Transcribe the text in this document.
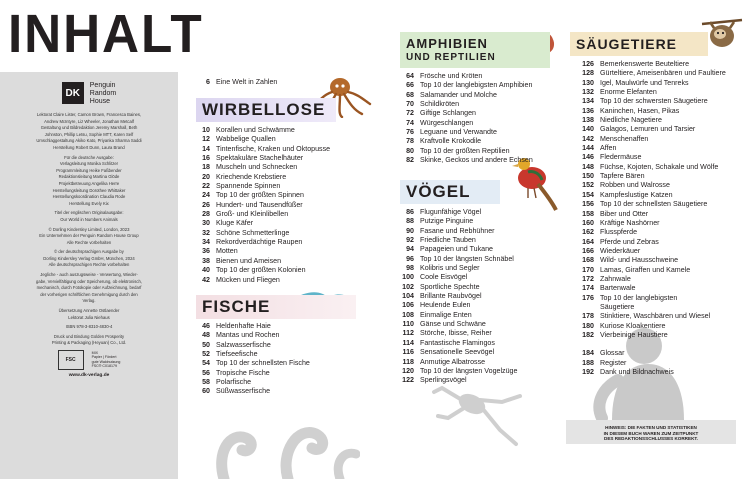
INHALT
DK
Penguin
Random
House

Lektorat Claire Lister, Camon Brown, Francesca Baines,

Andrew McIntyre, Liz Wheeler, Jonathan Metcalf

Gestaltung und Bildredaktion Jeremy Marshall, Beth

Johnston, Phillip Letsu, Sophie MTT, Karen Self

Umschlaggestaltung Akiko Kato, Priyanka Sharma Saddi

Herstellung Robert Dunn, Laura Brand

Für die deutsche Ausgabe:

Verlagsleitung Monika Schlitzer

Programmleitung Heike Faßbender

Redaktionsleitung Martina Glöde

Projektbetreuung Angelika Herre

Herstellungsleitung Dorothee Whittaker

Herstellungskoordination Claudia Rode

Herstellung Evely Kix

Titel der englischen Originalausgabe:

Our World in Numbers Animals

© Dorling Kindersley Limited, London, 2023

Ein Unternehmen der Penguin Random House Group

Alle Rechte vorbehalten

© der deutschsprachigen Ausgabe by

Dorling Kindersley Verlag GmbH, München, 2024

Alle deutschsprachigen Rechte vorbehalten

Jegliche - auch auszugsweise - Verwertung, Wieder-

gabe, Vervielfältigung oder Speicherung, ob elektronisch,

mechanisch, durch Fotokopie oder Aufzeichnung, bedarf

der vorherigen schriftlichen Genehmigung durch den

Verlag.

Übersetzung Annette Ostlaender

Lektorat Julia Niehaus

ISBN 978-3-8310-4830-4

Druck und Bindung Golden Prosperity

Printing & Packaging (Heyuan) Co., Ltd.

FSC
MIX
Papier | Fördert
gute Waldnutzung
FSC® C018179
www.dk-verlag.de
6 Eine Welt in Zahlen
WIRBELLOSE
10 Korallen und Schwämme
12 Wabbelige Quallen
14 Tintenfische, Kraken und Oktopusse
16 Spektakuläre Stachelhäuter
18 Muscheln und Schnecken
20 Kriechende Krebstiere
22 Spannende Spinnen
24 Top 10 der größten Spinnen
26 Hundert- und Tausendfüßer
28 Groß- und Kleinlibellen
30 Kluge Käfer
32 Schöne Schmetterlinge
34 Rekordverdächtige Raupen
36 Motten
38 Bienen und Ameisen
40 Top 10 der größten Kolonien
42 Mücken und Fliegen
FISCHE
46 Heldenhafte Haie
48 Mantas und Rochen
50 Salzwasserfische
52 Tiefseefische
54 Top 10 der schnellsten Fische
56 Tropische Fische
58 Polarfische
60 Süßwasserfische
AMPHIBIEN
UND REPTILIEN
64 Frösche und Kröten
66 Top 10 der langlebigsten Amphibien
68 Salamander und Molche
70 Schildkröten
72 Giftige Schlangen
74 Würgeschlangen
76 Leguane und Verwandte
78 Kraftvolle Krokodile
80 Top 10 der größten Reptilien
82 Skinke, Geckos und andere Echsen
VÖGEL
86 Flugunfähige Vögel
88 Putzige Pinguine
90 Fasane und Rebhühner
92 Friedliche Tauben
94 Papageien und Tukane
96 Top 10 der längsten Schnäbel
98 Kolibris und Segler
100 Coole Eisvögel
102 Sportliche Spechte
104 Brillante Raubvögel
106 Heulende Eulen
108 Einmalige Enten
110 Gänse und Schwäne
112 Störche, Ibisse, Reiher
114 Fantastische Flamingos
116 Sensationelle Seevögel
118 Anmutige Albatrosse
120 Top 10 der längsten Vogelzüge
122 Sperlingsvögel
SÄUGETIERE
126 Bemerkenswerte Beuteltiere
128 Gürteltiere, Ameisenbären und Faultiere
130 Igel, Maulwürfe und Tenreks
132 Enorme Elefanten
134 Top 10 der schwersten Säugetiere
136 Kaninchen, Hasen, Pikas
138 Niedliche Nagetiere
140 Galagos, Lemuren und Tarsier
142 Menschenaffen
144 Affen
146 Fledermäuse
148 Füchse, Kojoten, Schakale und Wölfe
150 Tapfere Bären
152 Robben und Walrosse
154 Kampfeslustige Katzen
156 Top 10 der schnellsten Säugetiere
158 Biber und Otter
160 Kräftige Nashörner
162 Flusspferde
164 Pferde und Zebras
166 Wiederkäuer
168 Wild- und Hausschweine
170 Lamas, Giraffen und Kamele
172 Zahnwale
174 Bartenwale
176 Top 10 der langlebigsten
Säugetiere
178 Stinktiere, Waschbären und Wiesel
180 Kuriose Kloakentiere
182 Vierbeinige Haustiere
184 Glossar
188 Register
192 Dank und Bildnachweis
HINWEIS: DIE FAKTEN UND STATISTIKEN
IN DIESEM BUCH WAREN ZUM ZEITPUNKT
DES REDAKTIONSSCHLUSSES KORREKT.
